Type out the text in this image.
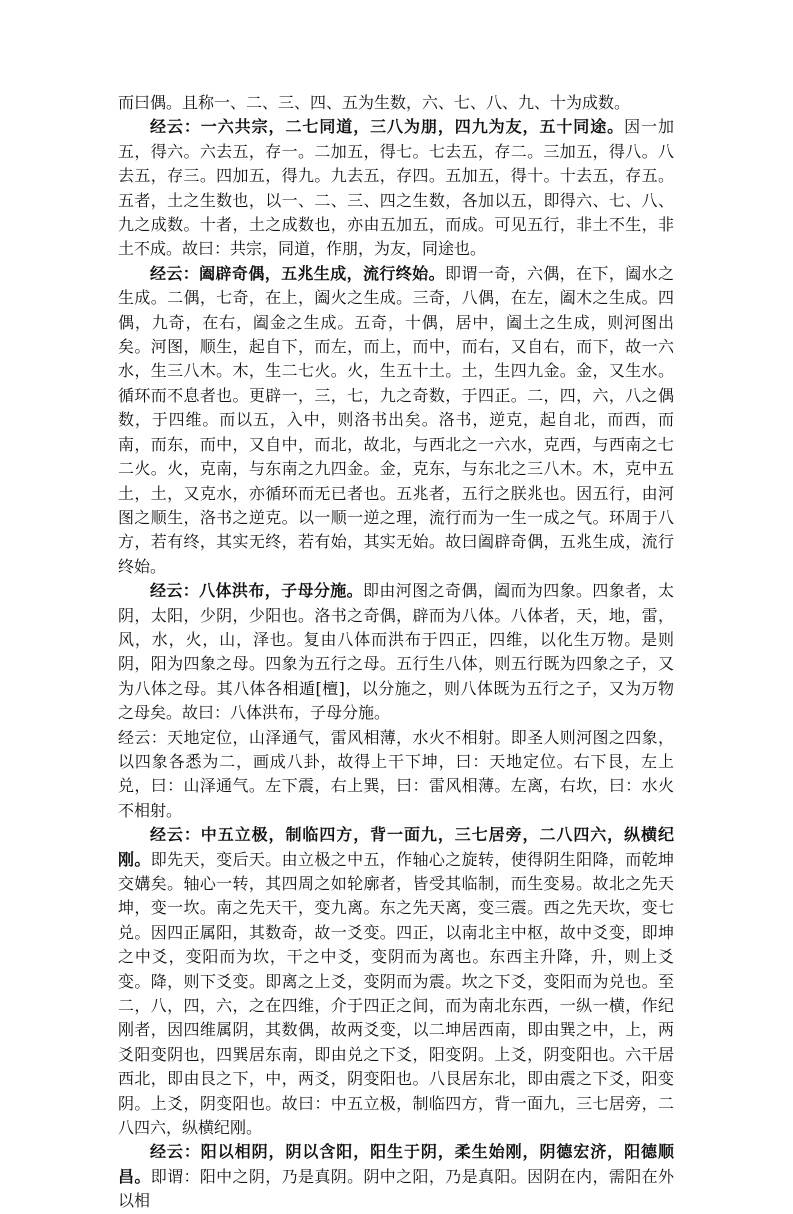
而曰偶。且称一、二、三、四、五为生数，六、七、八、九、十为成数。

经云：一六共宗，二七同道，三八为朋，四九为友，五十同途。因一加五，得六。六去五，存一。二加五，得七。七去五，存二。三加五，得八。八去五，存三。四加五，得九。九去五，存四。五加五，得十。十去五，存五。五者，土之生数也，以一、二、三、四之生数，各加以五，即得六、七、八、九之成数。十者，土之成数也，亦由五加五，而成。可见五行，非土不生，非土不成。故曰：共宗，同道，作朋，为友，同途也。

经云：阖辟奇偶，五兆生成，流行终始。即谓一奇，六偶，在下，阖水之生成。二偶，七奇，在上，阖火之生成。三奇，八偶，在左，阖木之生成。四偶，九奇，在右，阖金之生成。五奇，十偶，居中，阖土之生成，则河图出矣。河图，顺生，起自下，而左，而上，而中，而右，又自右，而下，故一六水，生三八木。木，生二七火。火，生五十土。土，生四九金。金，又生水。循环而不息者也。更辟一，三，七，九之奇数，于四正。二，四，六，八之偶数，于四维。而以五，入中，则洛书出矣。洛书，逆克，起自北，而西，而南，而东，而中，又自中，而北，故北，与西北之一六水，克西，与西南之七二火。火，克南，与东南之九四金。金，克东，与东北之三八木。木，克中五土，土，又克水，亦循环而无已者也。五兆者，五行之朕兆也。因五行，由河图之顺生，洛书之逆克。以一顺一逆之理，流行而为一生一成之气。环周于八方，若有终，其实无终，若有始，其实无始。故曰阖辟奇偶，五兆生成，流行终始。

经云：八体洪布，子母分施。即由河图之奇偶，阖而为四象。四象者，太阴，太阳，少阴，少阳也。洛书之奇偶，辟而为八体。八体者，天，地，雷，风，水，火，山，泽也。复由八体而洪布于四正，四维，以化生万物。是则阴，阳为四象之母。四象为五行之母。五行生八体，则五行既为四象之子，又为八体之母。其八体各相遁[檀]，以分施之，则八体既为五行之子，又为万物之母矣。故曰：八体洪布，子母分施。

经云：天地定位，山泽通气，雷风相薄，水火不相射。即圣人则河图之四象，以四象各悉为二，画成八卦，故得上干下坤，曰：天地定位。右下艮，左上兑，曰：山泽通气。左下震，右上巽，曰：雷风相薄。左离，右坎，曰：水火不相射。

经云：中五立极，制临四方，背一面九，三七居旁，二八四六，纵横纪刚。即先天，变后天。由立极之中五，作轴心之旋转，使得阴生阳降，而乾坤交媾矣。轴心一转，其四周之如轮廓者，皆受其临制，而生变易。故北之先天坤，变一坎。南之先天干，变九离。东之先天离，变三震。西之先天坎，变七兑。因四正属阳，其数奇，故一爻变。四正，以南北主中枢，故中爻变，即坤之中爻，变阳而为坎，干之中爻，变阴而为离也。东西主升降，升，则上爻变。降，则下爻变。即离之上爻，变阴而为震。坎之下爻，变阳而为兑也。至二，八，四，六，之在四维，介于四正之间，而为南北东西，一纵一横，作纪刚者，因四维属阴，其数偶，故两爻变，以二坤居西南，即由巽之中，上，两爻阳变阴也，四巽居东南，即由兑之下爻，阳变阴。上爻，阴变阳也。六干居西北，即由艮之下，中，两爻，阴变阳也。八艮居东北，即由震之下爻，阳变阴。上爻，阴变阳也。故曰：中五立极，制临四方，背一面九，三七居旁，二八四六，纵横纪刚。

经云：阳以相阴，阴以含阳，阳生于阴，柔生始刚，阴德宏济，阳德顺昌。即谓：阳中之阴，乃是真阴。阴中之阳，乃是真阳。因阴在内，需阳在外以相
